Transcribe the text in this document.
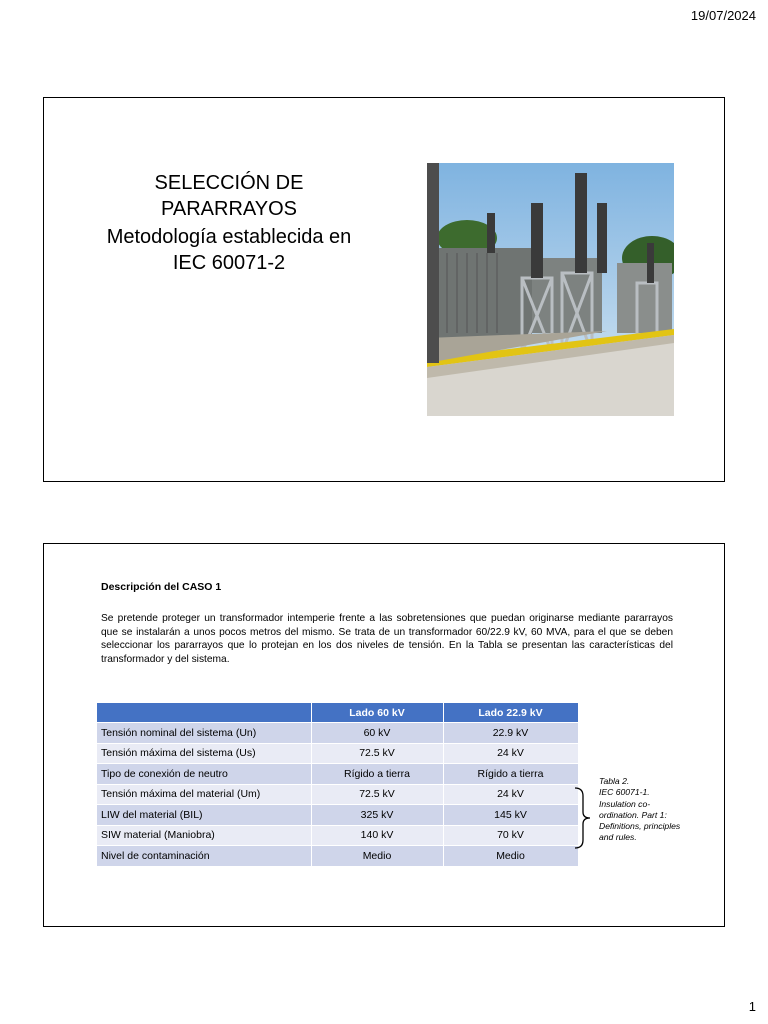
19/07/2024
SELECCIÓN DE PARARRAYOS
Metodología establecida en IEC 60071-2
Descripción del CASO 1

Se pretende proteger un transformador intemperie frente a las sobretensiones que puedan originarse mediante pararrayos que se instalarán a unos pocos metros del mismo. Se trata de un transformador 60/22.9 kV, 60 MVA, para el que se deben seleccionar los pararrayos que lo protejan en los dos niveles de tensión. En la Tabla se presentan las características del transformador y del sistema.

	Lado 60 kV	Lado 22.9 kV
Tensión nominal del sistema (Un)	60 kV	22.9 kV
Tensión máxima del sistema (Us)	72.5 kV	24 kV
Tipo de conexión de neutro	Rígido a tierra	Rígido a tierra
Tensión máxima del material (Um)	72.5 kV	24 kV
LIW del material (BIL)	325 kV	145 kV
SIW material (Maniobra)	140 kV	70 kV
Nivel de contaminación	Medio	Medio
Tabla 2.
IEC 60071-1.
Insulation co-
ordination. Part 1:
Definitions, principles
and rules.
1
